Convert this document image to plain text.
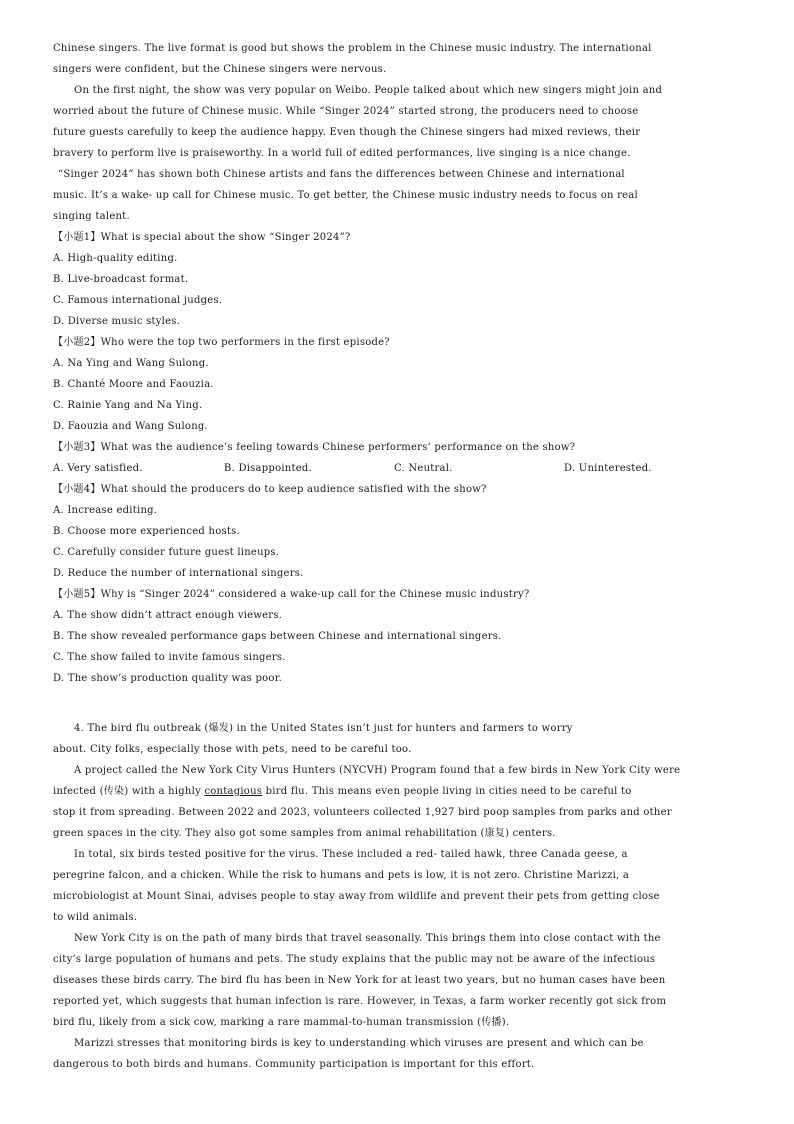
Chinese singers. The live format is good but shows the problem in the Chinese music industry. The international
singers were confident, but the Chinese singers were nervous.
On the first night, the show was very popular on Weibo. People talked about which new singers might join and
worried about the future of Chinese music. While “Singer 2024” started strong, the producers need to choose
future guests carefully to keep the audience happy. Even though the Chinese singers had mixed reviews, their
bravery to perform live is praiseworthy. In a world full of edited performances, live singing is a nice change.
“Singer 2024” has shown both Chinese artists and fans the differences between Chinese and international
music. It’s a wake- up call for Chinese music. To get better, the Chinese music industry needs to focus on real
singing talent.
【小题1】What is special about the show “Singer 2024”?
A. High-quality editing.
B. Live-broadcast format.
C. Famous international judges.
D. Diverse music styles.
【小题2】Who were the top two performers in the first episode?
A. Na Ying and Wang Sulong.
B. Chanté Moore and Faouzia.
C. Rainie Yang and Na Ying.
D. Faouzia and Wang Sulong.
【小题3】What was the audience’s feeling towards Chinese performers’ performance on the show?
A. Very satisfied.	B. Disappointed.	C. Neutral.	D. Uninterested.
【小题4】What should the producers do to keep audience satisfied with the show?
A. Increase editing.
B. Choose more experienced hosts.
C. Carefully consider future guest lineups.
D. Reduce the number of international singers.
【小题5】Why is “Singer 2024” considered a wake-up call for the Chinese music industry?
A. The show didn’t attract enough viewers.
B. The show revealed performance gaps between Chinese and international singers.
C. The show failed to invite famous singers.
D. The show’s production quality was poor.
4. The bird flu outbreak (爆发) in the United States isn’t just for hunters and farmers to worry
about. City folks, especially those with pets, need to be careful too.
A project called the New York City Virus Hunters (NYCVH) Program found that a few birds in New York City were
infected (传染) with a highly contagious bird flu. This means even people living in cities need to be careful to
stop it from spreading. Between 2022 and 2023, volunteers collected 1,927 bird poop samples from parks and other
green spaces in the city. They also got some samples from animal rehabilitation (康复) centers.
In total, six birds tested positive for the virus. These included a red- tailed hawk, three Canada geese, a
peregrine falcon, and a chicken. While the risk to humans and pets is low, it is not zero. Christine Marizzi, a
microbiologist at Mount Sinai, advises people to stay away from wildlife and prevent their pets from getting close
to wild animals.
New York City is on the path of many birds that travel seasonally. This brings them into close contact with the
city’s large population of humans and pets. The study explains that the public may not be aware of the infectious
diseases these birds carry. The bird flu has been in New York for at least two years, but no human cases have been
reported yet, which suggests that human infection is rare. However, in Texas, a farm worker recently got sick from
bird flu, likely from a sick cow, marking a rare mammal-to-human transmission (传播).
Marizzi stresses that monitoring birds is key to understanding which viruses are present and which can be
dangerous to both birds and humans. Community participation is important for this effort.
